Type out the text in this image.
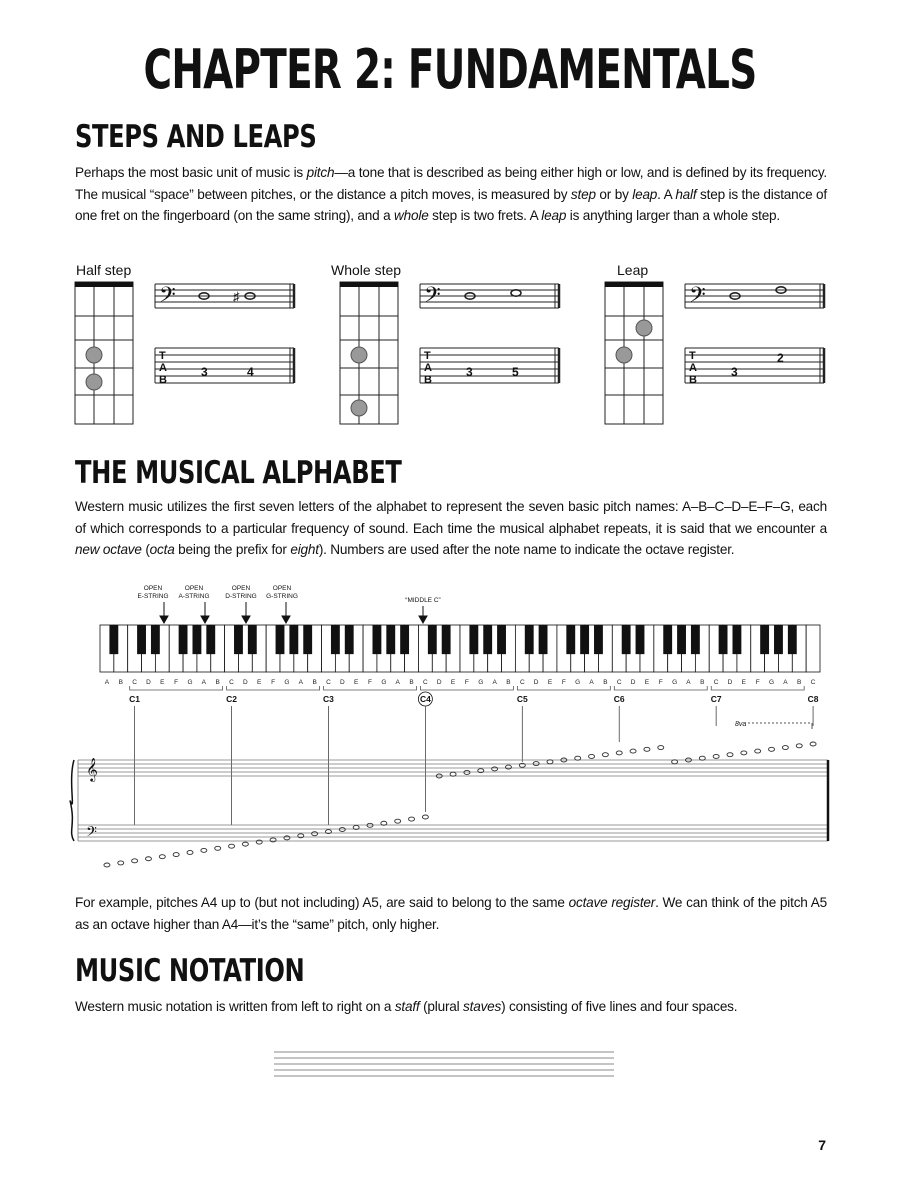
CHAPTER 2: FUNDAMENTALS
STEPS AND LEAPS
Perhaps the most basic unit of music is pitch—a tone that is described as being either high or low, and is defined by its frequency. The musical “space” between pitches, or the distance a pitch moves, is measured by step or by leap. A half step is the distance of one fret on the fingerboard (on the same string), and a whole step is two frets. A leap is anything larger than a whole step.
Half step	Whole step	Leap
𝄢	♯	𝄢	𝄢
T
A
B
3	4
T
A
B
3	5
T
A
B
3
2
THE MUSICAL ALPHABET
Western music utilizes the first seven letters of the alphabet to represent the seven basic pitch names: A–B–C–D–E–F–G, each of which corresponds to a particular frequency of sound. Each time the musical alphabet repeats, it is said that we encounter a new octave (octa being the prefix for eight). Numbers are used after the note name to indicate the octave register.
OPEN
E-STRING
OPEN
A-STRING
OPEN
D-STRING
OPEN
G-STRING
“MIDDLE C”
A B C D E F G A B C D E F G A B C D E F G A B C D E F G A B C D E F G A B C D E F G A B C D E F G A B C
C1	C2	C3	C4	C5	C6	C7	C8
𝄞
𝄢
8va
For example, pitches A4 up to (but not including) A5, are said to belong to the same octave register. We can think of the pitch A5 as an octave higher than A4—it’s the “same” pitch, only higher.
MUSIC NOTATION
Western music notation is written from left to right on a staff (plural staves) consisting of five lines and four spaces.
7
